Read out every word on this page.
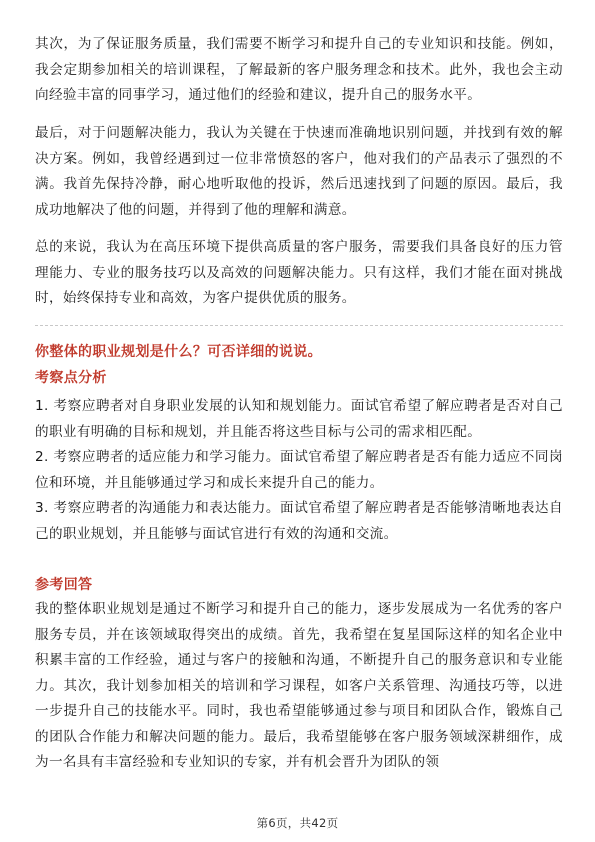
其次，为了保证服务质量，我们需要不断学习和提升自己的专业知识和技能。例如，我会定期参加相关的培训课程，了解最新的客户服务理念和技术。此外，我也会主动向经验丰富的同事学习，通过他们的经验和建议，提升自己的服务水平。

最后，对于问题解决能力，我认为关键在于快速而准确地识别问题，并找到有效的解决方案。例如，我曾经遇到过一位非常愤怒的客户，他对我们的产品表示了强烈的不满。我首先保持冷静，耐心地听取他的投诉，然后迅速找到了问题的原因。最后，我成功地解决了他的问题，并得到了他的理解和满意。

总的来说，我认为在高压环境下提供高质量的客户服务，需要我们具备良好的压力管理能力、专业的服务技巧以及高效的问题解决能力。只有这样，我们才能在面对挑战时，始终保持专业和高效，为客户提供优质的服务。

你整体的职业规划是什么？可否详细的说说。
考察点分析
1. 考察应聘者对自身职业发展的认知和规划能力。面试官希望了解应聘者是否对自己的职业有明确的目标和规划，并且能否将这些目标与公司的需求相匹配。
2. 考察应聘者的适应能力和学习能力。面试官希望了解应聘者是否有能力适应不同岗位和环境，并且能够通过学习和成长来提升自己的能力。
3. 考察应聘者的沟通能力和表达能力。面试官希望了解应聘者是否能够清晰地表达自己的职业规划，并且能够与面试官进行有效的沟通和交流。
参考回答

我的整体职业规划是通过不断学习和提升自己的能力，逐步发展成为一名优秀的客户服务专员，并在该领域取得突出的成绩。首先，我希望在复星国际这样的知名企业中积累丰富的工作经验，通过与客户的接触和沟通，不断提升自己的服务意识和专业能力。其次，我计划参加相关的培训和学习课程，如客户关系管理、沟通技巧等，以进一步提升自己的技能水平。同时，我也希望能够通过参与项目和团队合作，锻炼自己的团队合作能力和解决问题的能力。最后，我希望能够在客户服务领域深耕细作，成为一名具有丰富经验和专业知识的专家，并有机会晋升为团队的领

第6页，共42页
